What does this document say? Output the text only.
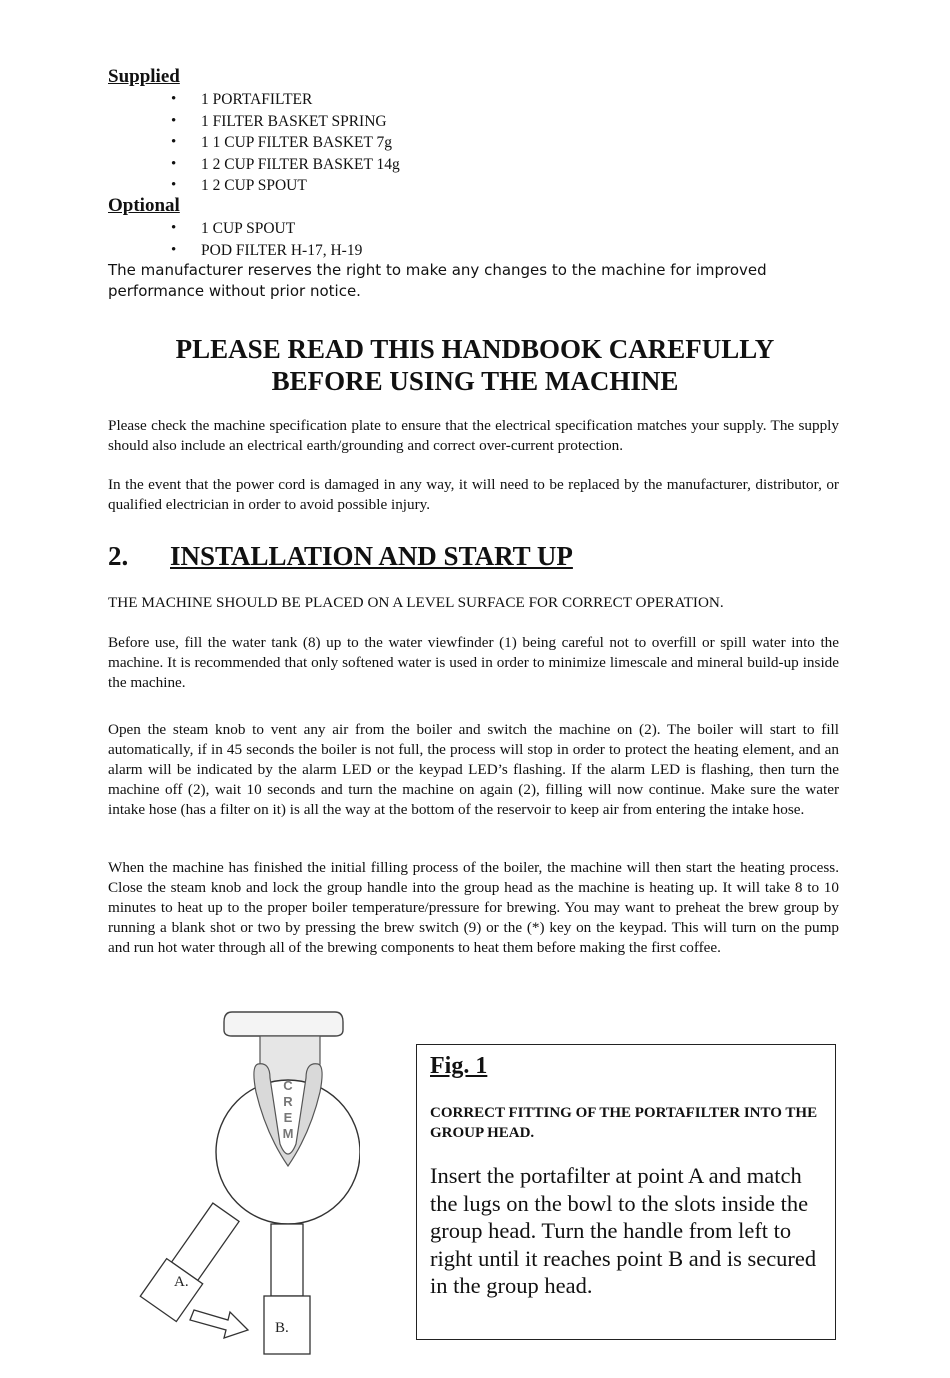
Supplied
• 1 PORTAFILTER
• 1 FILTER BASKET SPRING
• 1 1 CUP FILTER BASKET 7g
• 1 2 CUP FILTER BASKET 14g
• 1 2 CUP SPOUT
Optional
• 1 CUP SPOUT
• POD FILTER H-17, H-19
The manufacturer reserves the right to make any changes to the machine for improved performance without prior notice.
PLEASE READ THIS HANDBOOK CAREFULLY
BEFORE USING THE MACHINE
Please check the machine specification plate to ensure that the electrical specification matches your supply. The supply should also include an electrical earth/grounding and correct over-current protection.
In the event that the power cord is damaged in any way, it will need to be replaced by the manufacturer, distributor, or qualified electrician in order to avoid possible injury.
2. INSTALLATION AND START UP
THE MACHINE SHOULD BE PLACED ON A LEVEL SURFACE FOR CORRECT OPERATION.
Before use, fill the water tank (8) up to the water viewfinder (1) being careful not to overfill or spill water into the machine. It is recommended that only softened water is used in order to minimize limescale and mineral build-up inside the machine.
Open the steam knob to vent any air from the boiler and switch the machine on (2). The boiler will start to fill automatically, if in 45 seconds the boiler is not full, the process will stop in order to protect the heating element, and an alarm will be indicated by the alarm LED or the keypad LED’s flashing. If the alarm LED is flashing, then turn the machine off (2), wait 10 seconds and turn the machine on again (2), filling will now continue. Make sure the water intake hose (has a filter on it) is all the way at the bottom of the reservoir to keep air from entering the intake hose.
When the machine has finished the initial filling process of the boiler, the machine will then start the heating process. Close the steam knob and lock the group handle into the group head as the machine is heating up. It will take 8 to 10 minutes to heat up to the proper boiler temperature/pressure for brewing. You may want to preheat the brew group by running a blank shot or two by pressing the brew switch (9) or the (*) key on the keypad. This will turn on the pump and run hot water through all of the brewing components to heat them before making the first coffee.
C
R
E
M
A.
B.
Fig. 1
CORRECT FITTING OF THE PORTAFILTER INTO THE GROUP HEAD.
Insert the portafilter at point A and match the lugs on the bowl to the slots inside the group head. Turn the handle from left to right until it reaches point B and is secured in the group head.
